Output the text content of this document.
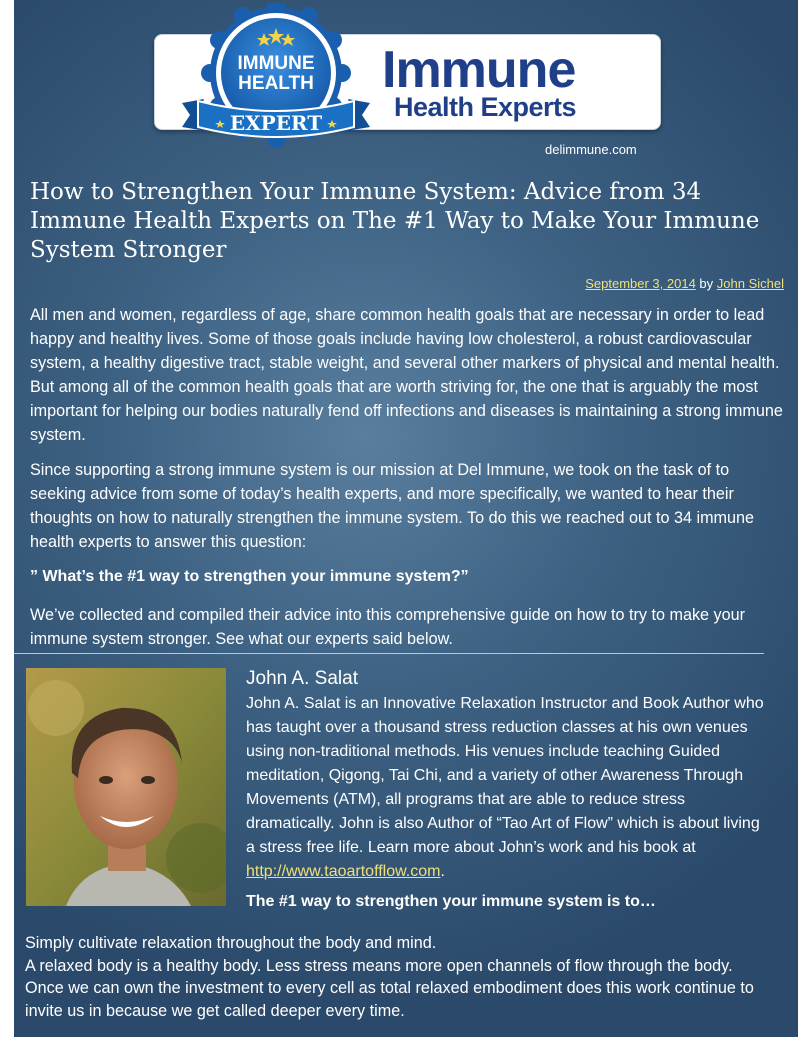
IMMUNE
HEALTH
EXPERT
Immune
Health Experts
delimmune.com
How to Strengthen Your Immune System: Advice from 34 Immune Health Experts on The #1 Way to Make Your Immune System Stronger
September 3, 2014 by John Sichel

All men and women, regardless of age, share common health goals that are necessary in order to lead happy and healthy lives. Some of those goals include having low cholesterol, a robust cardiovascular system, a healthy digestive tract, stable weight, and several other markers of physical and mental health. But among all of the common health goals that are worth striving for, the one that is arguably the most important for helping our bodies naturally fend off infections and diseases is maintaining a strong immune system.

Since supporting a strong immune system is our mission at Del Immune, we took on the task of to seeking advice from some of today’s health experts, and more specifically, we wanted to hear their thoughts on how to naturally strengthen the immune system. To do this we reached out to 34 immune health experts to answer this question:

” What’s the #1 way to strengthen your immune system?”

We’ve collected and compiled their advice into this comprehensive guide on how to try to make your immune system stronger. See what our experts said below.

John A. Salat

John A. Salat is an Innovative Relaxation Instructor and Book Author who has taught over a thousand stress reduction classes at his own venues using non-traditional methods. His venues include teaching Guided meditation, Qigong, Tai Chi, and a variety of other Awareness Through Movements (ATM), all programs that are able to reduce stress dramatically. John is also Author of “Tao Art of Flow” which is about living a stress free life. Learn more about John’s work and his book at http://www.taoartofflow.com.

The #1 way to strengthen your immune system is to…

Simply cultivate relaxation throughout the body and mind.
A relaxed body is a healthy body. Less stress means more open channels of flow through the body. Once we can own the investment to every cell as total relaxed embodiment does this work continue to invite us in because we get called deeper every time.
